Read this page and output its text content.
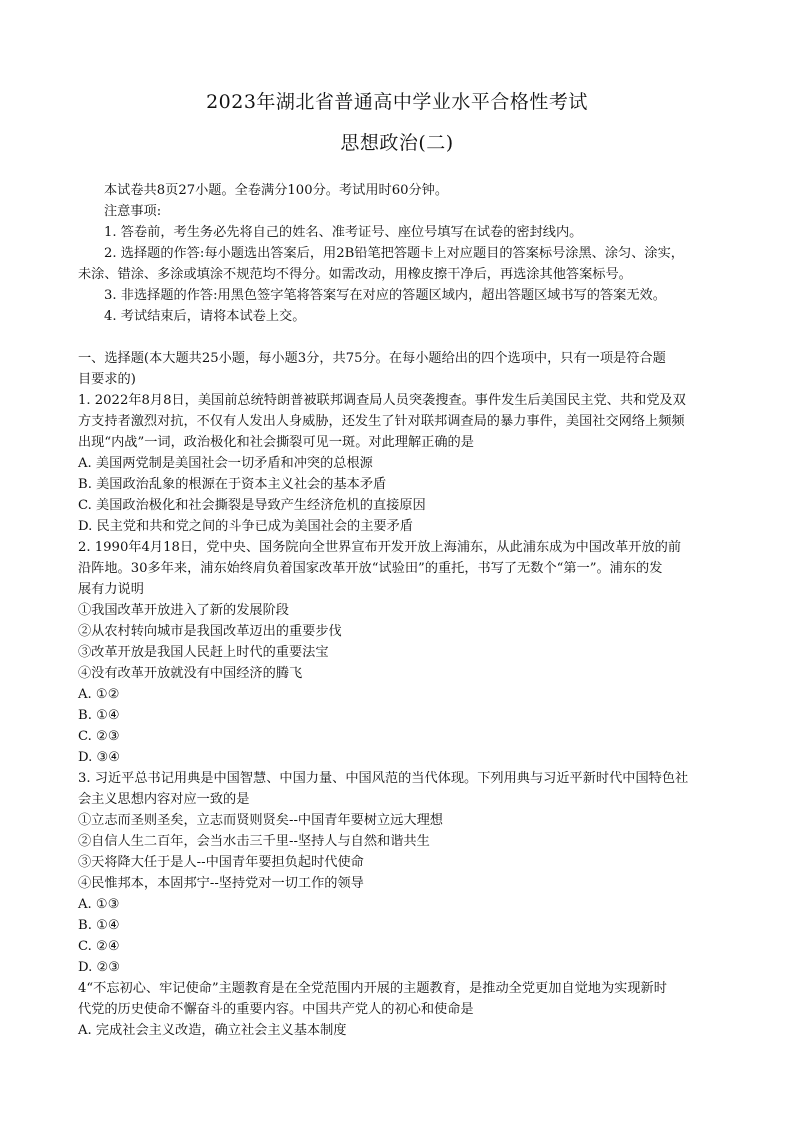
2023年湖北省普通高中学业水平合格性考试
思想政治(二)
本试卷共8页27小题。全卷满分100分。考试用时60分钟。
注意事项:
1. 答卷前，考生务必先将自己的姓名、准考证号、座位号填写在试卷的密封线内。
2. 选择题的作答:每小题选出答案后，用2B铅笔把答题卡上对应题目的答案标号涂黑、涂匀、涂实，
未涂、错涂、多涂或填涂不规范均不得分。如需改动，用橡皮擦干净后，再选涂其他答案标号。
3. 非选择题的作答:用黑色签字笔将答案写在对应的答题区域内，超出答题区域书写的答案无效。
4. 考试结束后，请将本试卷上交。
一、选择题(本大题共25小题，每小题3分，共75分。在每小题给出的四个选项中，只有一项是符合题
目要求的)
1. 2022年8月8日，美国前总统特朗普被联邦调查局人员突袭搜查。事件发生后美国民主党、共和党及双
方支持者激烈对抗，不仅有人发出人身威胁，还发生了针对联邦调查局的暴力事件，美国社交网络上频频
出现“内战”一词，政治极化和社会撕裂可见一斑。对此理解正确的是
A. 美国两党制是美国社会一切矛盾和冲突的总根源
B. 美国政治乱象的根源在于资本主义社会的基本矛盾
C. 美国政治极化和社会撕裂是导致产生经济危机的直接原因
D. 民主党和共和党之间的斗争已成为美国社会的主要矛盾
2. 1990年4月18日，党中央、国务院向全世界宣布开发开放上海浦东，从此浦东成为中国改革开放的前
沿阵地。30多年来，浦东始终肩负着国家改革开放“试验田”的重托，书写了无数个“第一”。浦东的发
展有力说明
①我国改革开放进入了新的发展阶段
②从农村转向城市是我国改革迈出的重要步伐
③改革开放是我国人民赶上时代的重要法宝
④没有改革开放就没有中国经济的腾飞
A. ①②
B. ①④
C. ②③
D. ③④
3. 习近平总书记用典是中国智慧、中国力量、中国风范的当代体现。下列用典与习近平新时代中国特色社
会主义思想内容对应一致的是
①立志而圣则圣矣，立志而贤则贤矣--中国青年要树立远大理想
②自信人生二百年，会当水击三千里--坚持人与自然和谐共生
③天将降大任于是人--中国青年要担负起时代使命
④民惟邦本，本固邦宁--坚持党对一切工作的领导
A. ①③
B. ①④
C. ②④
D. ②③
4“不忘初心、牢记使命”主题教育是在全党范围内开展的主题教育，是推动全党更加自觉地为实现新时
代党的历史使命不懈奋斗的重要内容。中国共产党人的初心和使命是
A. 完成社会主义改造，确立社会主义基本制度
